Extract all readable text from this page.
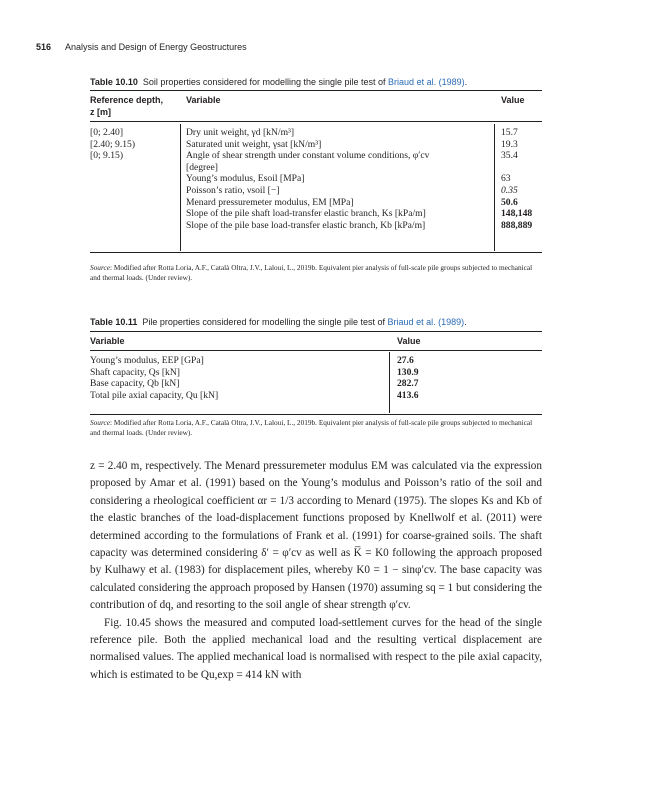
516 Analysis and Design of Energy Geostructures
Table 10.10 Soil properties considered for modelling the single pile test of Briaud et al. (1989).
Reference depth,
z [m]
Variable	Value
[0; 2.40]
[2.40; 9.15)
[0; 9.15)
Dry unit weight, γd [kN/m³]
Saturated unit weight, γsat [kN/m³]
Angle of shear strength under constant volume conditions, φ′cv
[degree]
Young’s modulus, Esoil [MPa]
Poisson’s ratio, νsoil [−]
Menard pressuremeter modulus, EM [MPa]
Slope of the pile shaft load-transfer elastic branch, Ks [kPa/m]
Slope of the pile base load-transfer elastic branch, Kb [kPa/m]
15.7
19.3
35.4
63
0.35
50.6
148,148
888,889
Source: Modified after Rotta Loria, A.F., Català Oltra, J.V., Laloui, L., 2019b. Equivalent pier analysis of full-scale pile groups subjected to mechanical and thermal loads. (Under review).
Table 10.11 Pile properties considered for modelling the single pile test of Briaud et al. (1989).
Variable	Value
Young’s modulus, EEP [GPa]
Shaft capacity, Qs [kN]
Base capacity, Qb [kN]
Total pile axial capacity, Qu [kN]
27.6
130.9
282.7
413.6
Source: Modified after Rotta Loria, A.F., Català Oltra, J.V., Laloui, L., 2019b. Equivalent pier analysis of full-scale pile groups subjected to mechanical and thermal loads. (Under review).

z = 2.40 m, respectively. The Menard pressuremeter modulus EM was calculated via the expression proposed by Amar et al. (1991) based on the Young’s modulus and Poisson’s ratio of the soil and considering a rheological coefficient αr = 1/3 according to Menard (1975). The slopes Ks and Kb of the elastic branches of the load-displacement functions proposed by Knellwolf et al. (2011) were determined according to the formulations of Frank et al. (1991) for coarse-grained soils. The shaft capacity was determined considering δ′ = φ′cv as well as K̅ = K0 following the approach proposed by Kulhawy et al. (1983) for displacement piles, whereby K0 = 1 − sinφ′cv. The base capacity was calculated considering the approach proposed by Hansen (1970) assuming sq = 1 but considering the contribution of dq, and resorting to the soil angle of shear strength φ′cv.

Fig. 10.45 shows the measured and computed load-settlement curves for the head of the single reference pile. Both the applied mechanical load and the resulting vertical displacement are normalised values. The applied mechanical load is normalised with respect to the pile axial capacity, which is estimated to be Qu,exp = 414 kN with
